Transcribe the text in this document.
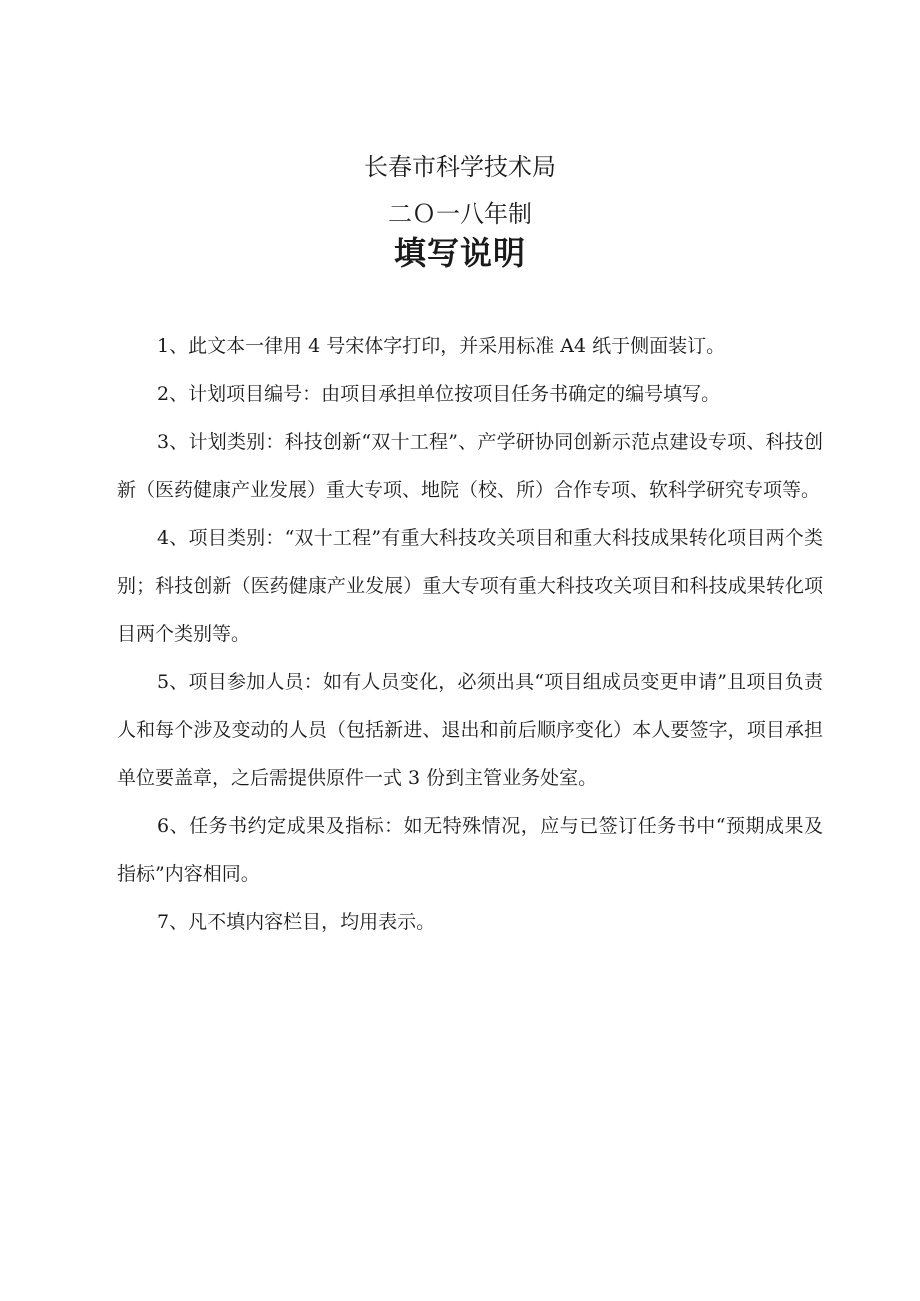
长春市科学技术局
二Ｏ一八年制
填写说明

1、此文本一律用 4 号宋体字打印，并采用标准 A4 纸于侧面装订。

2、计划项目编号：由项目承担单位按项目任务书确定的编号填写。

3、计划类别：科技创新“双十工程”、产学研协同创新示范点建设专项、科技创新（医药健康产业发展）重大专项、地院（校、所）合作专项、软科学研究专项等。

4、项目类别：“双十工程”有重大科技攻关项目和重大科技成果转化项目两个类别；科技创新（医药健康产业发展）重大专项有重大科技攻关项目和科技成果转化项目两个类别等。

5、项目参加人员：如有人员变化，必须出具“项目组成员变更申请”且项目负责人和每个涉及变动的人员（包括新进、退出和前后顺序变化）本人要签字，项目承担单位要盖章，之后需提供原件一式 3 份到主管业务处室。

6、任务书约定成果及指标：如无特殊情况，应与已签订任务书中“预期成果及指标”内容相同。

7、凡不填内容栏目，均用表示。
